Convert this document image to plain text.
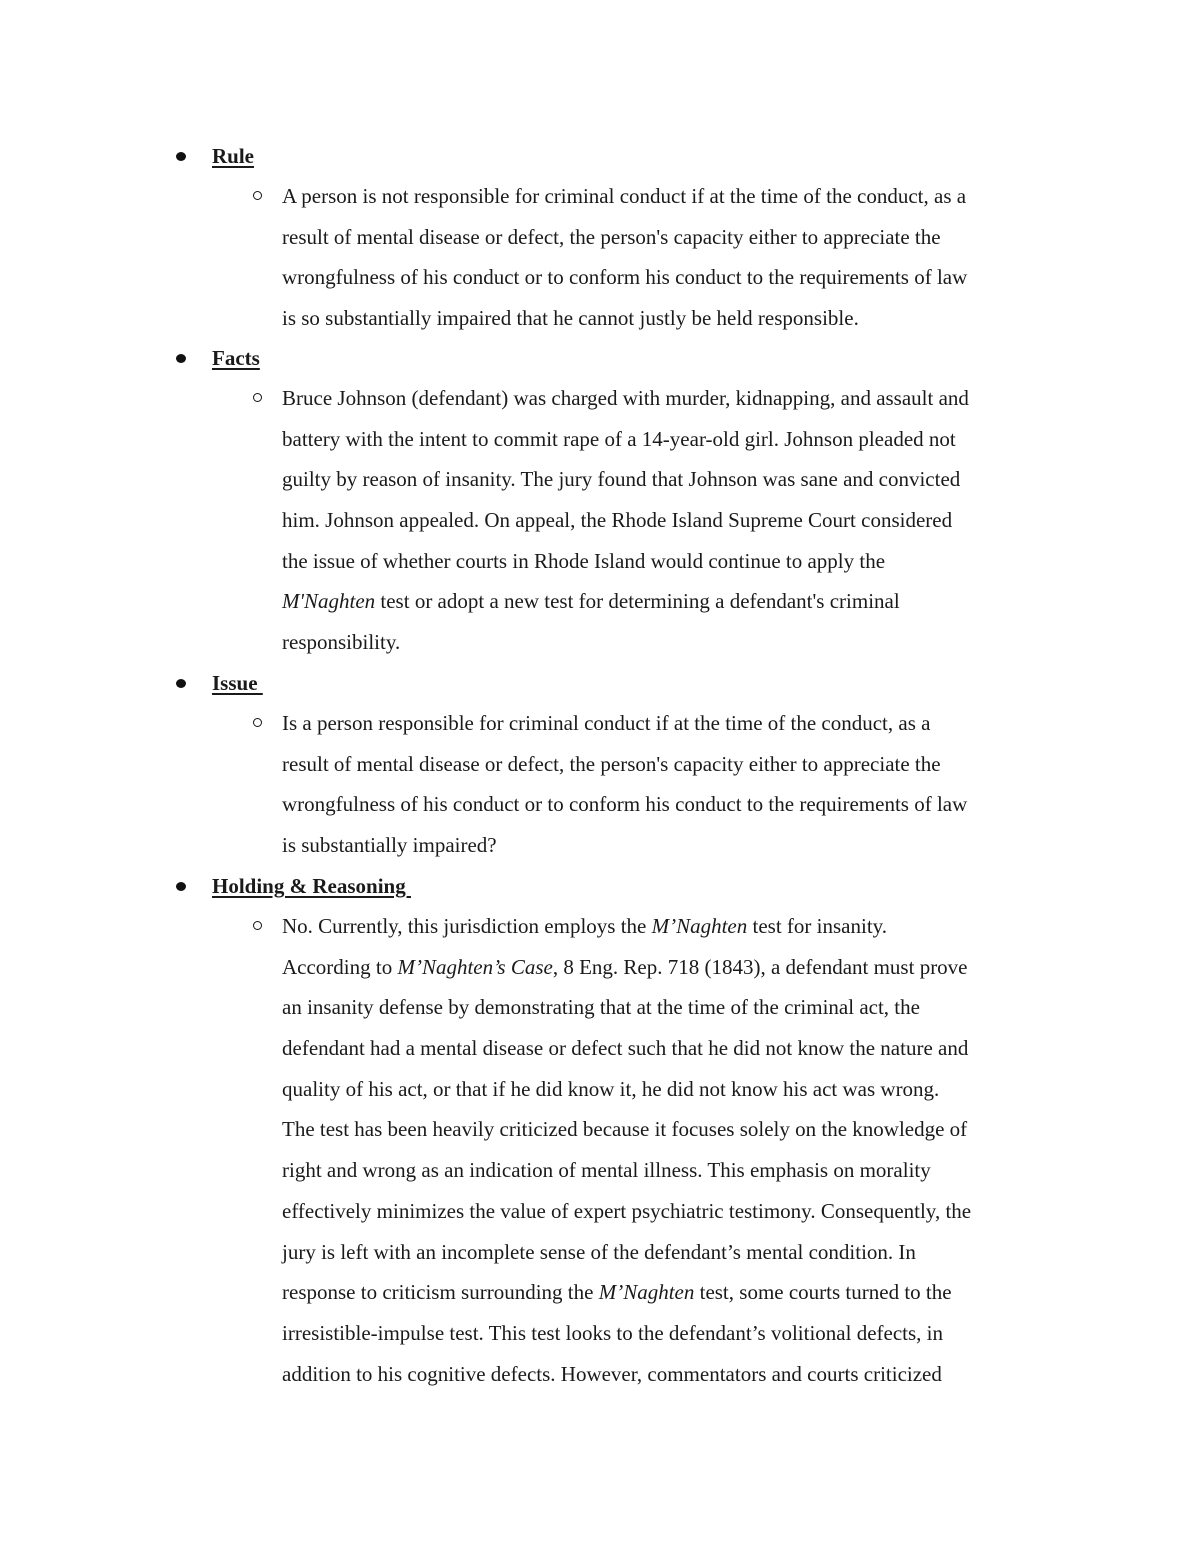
Rule
A person is not responsible for criminal conduct if at the time of the conduct, as a
result of mental disease or defect, the person's capacity either to appreciate the
wrongfulness of his conduct or to conform his conduct to the requirements of law
is so substantially impaired that he cannot justly be held responsible.
Facts
Bruce Johnson (defendant) was charged with murder, kidnapping, and assault and
battery with the intent to commit rape of a 14-year-old girl. Johnson pleaded not
guilty by reason of insanity. The jury found that Johnson was sane and convicted
him. Johnson appealed. On appeal, the Rhode Island Supreme Court considered
the issue of whether courts in Rhode Island would continue to apply the
M'Naghten test or adopt a new test for determining a defendant's criminal
responsibility.
Issue
Is a person responsible for criminal conduct if at the time of the conduct, as a
result of mental disease or defect, the person's capacity either to appreciate the
wrongfulness of his conduct or to conform his conduct to the requirements of law
is substantially impaired?
Holding & Reasoning
No. Currently, this jurisdiction employs the M’Naghten test for insanity.
According to M’Naghten’s Case, 8 Eng. Rep. 718 (1843), a defendant must prove
an insanity defense by demonstrating that at the time of the criminal act, the
defendant had a mental disease or defect such that he did not know the nature and
quality of his act, or that if he did know it, he did not know his act was wrong.
The test has been heavily criticized because it focuses solely on the knowledge of
right and wrong as an indication of mental illness. This emphasis on morality
effectively minimizes the value of expert psychiatric testimony. Consequently, the
jury is left with an incomplete sense of the defendant’s mental condition. In
response to criticism surrounding the M’Naghten test, some courts turned to the
irresistible-impulse test. This test looks to the defendant’s volitional defects, in
addition to his cognitive defects. However, commentators and courts criticized
